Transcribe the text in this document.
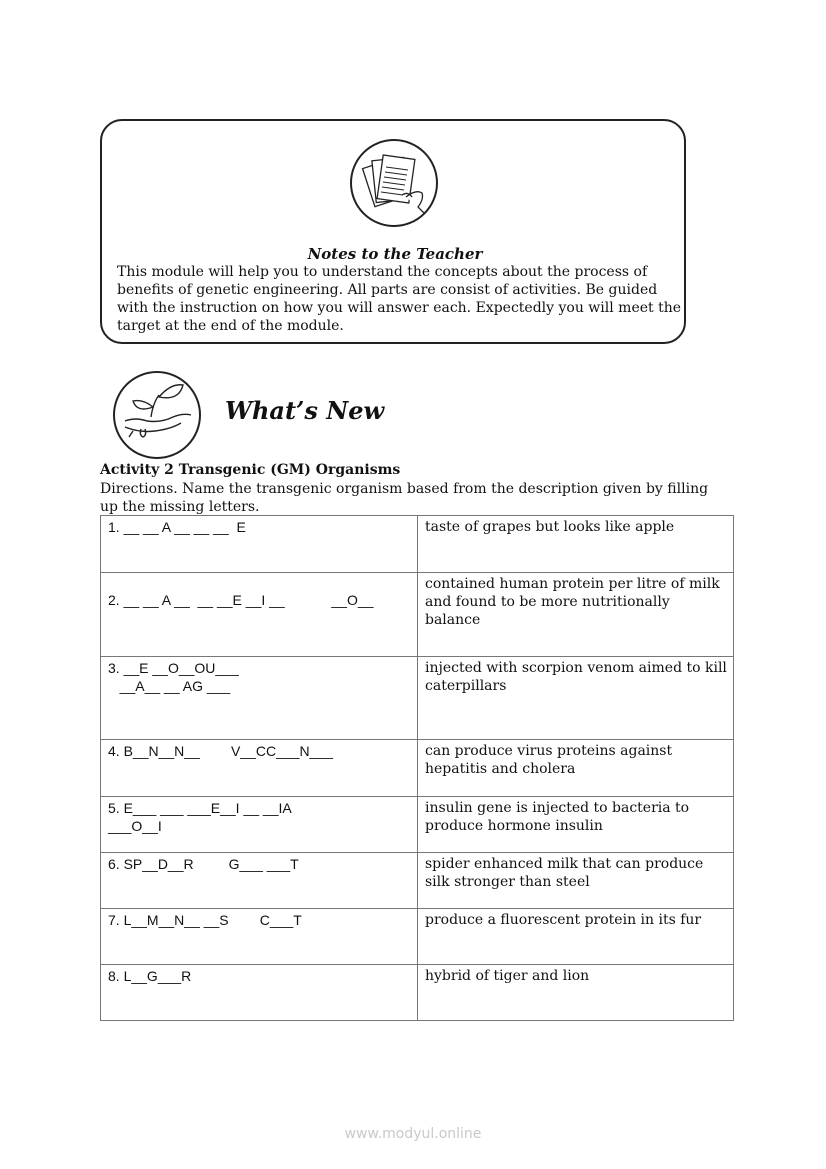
Notes to the Teacher
This module will help you to understand the concepts about the process of benefits of genetic engineering. All parts are consist of activities. Be guided with the instruction on how you will answer each. Expectedly you will meet the target at the end of the module.
What’s New
Activity 2 Transgenic (GM) Organisms
Directions. Name the transgenic organism based from the description given by filling up the missing letters.
1. __ __ A __ __ __  E	taste of grapes but looks like apple

2. __ __ A __  __ __E __I __            __O__	contained human protein per litre of milk and found to be more nutritionally balance

3. __E __O__OU___
__A__ __ AG ___	injected with scorpion venom aimed to kill caterpillars

4. B__N__N__        V__CC___N___	can produce virus proteins against hepatitis and cholera

5. E___ ___ ___E__I __ __IA
___O__I	insulin gene is injected to bacteria to produce hormone insulin

6. SP__D__R         G___ ___T	spider enhanced milk that can produce silk stronger than steel

7. L__M__N__ __S        C___T	produce a fluorescent protein in its fur

8. L__G___R	hybrid of tiger and lion
www.modyul.online
